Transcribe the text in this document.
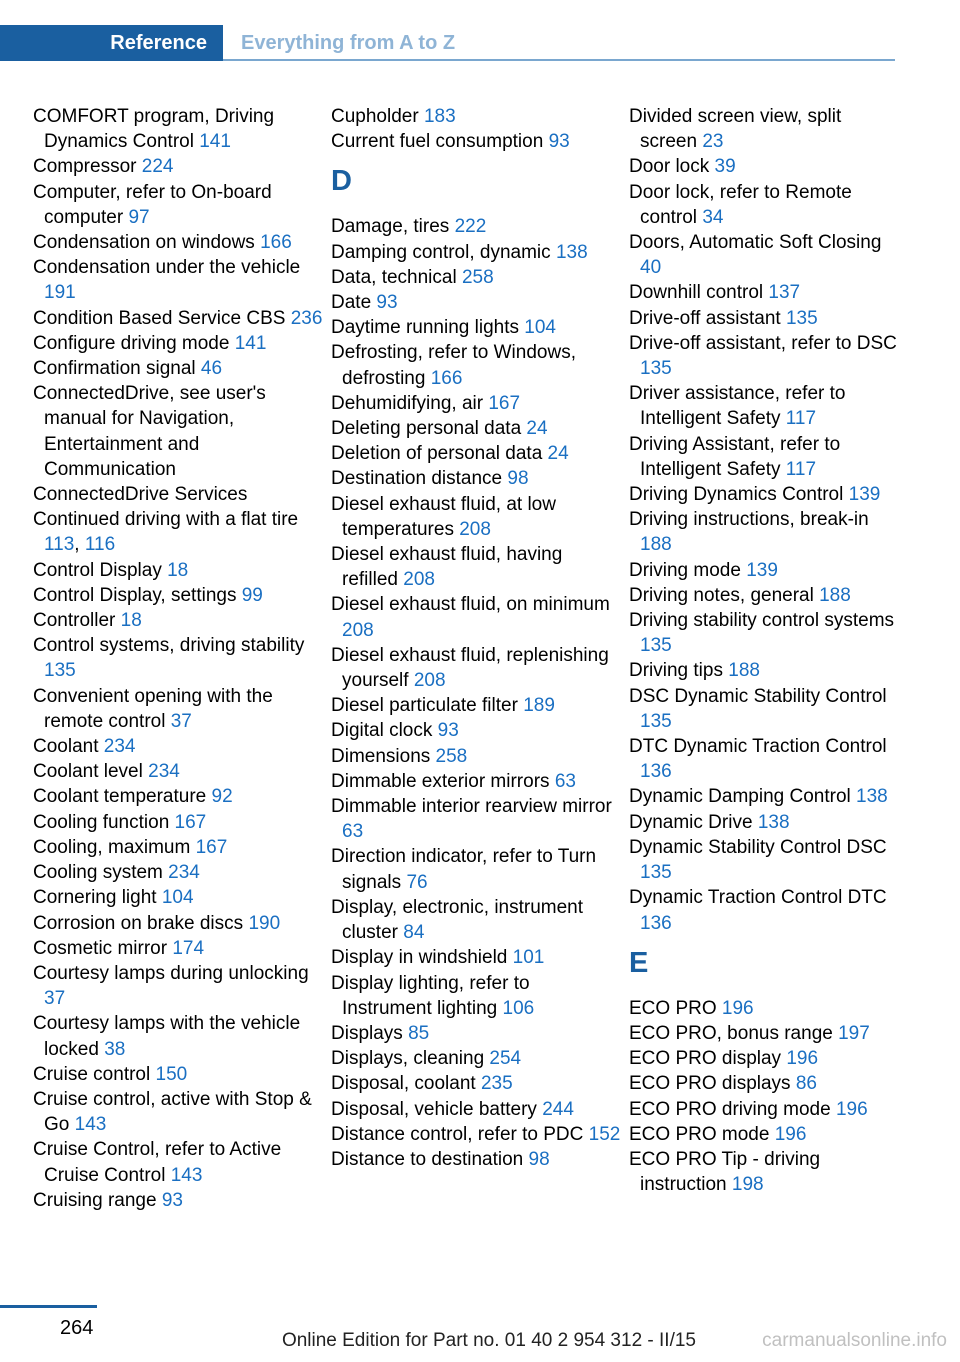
Reference	Everything from A to Z
COMFORT program, Driving Dynamics Control 141
Compressor 224
Computer, refer to On-board computer 97
Condensation on windows 166
Condensation under the vehicle 191
Condition Based Service CBS 236
Configure driving mode 141
Confirmation signal 46
ConnectedDrive, see user's manual for Navigation, Entertainment and Communication
ConnectedDrive Services
Continued driving with a flat tire 113, 116
Control Display 18
Control Display, settings 99
Controller 18
Control systems, driving stability 135
Convenient opening with the remote control 37
Coolant 234
Coolant level 234
Coolant temperature 92
Cooling function 167
Cooling, maximum 167
Cooling system 234
Cornering light 104
Corrosion on brake discs 190
Cosmetic mirror 174
Courtesy lamps during unlocking 37
Courtesy lamps with the vehicle locked 38
Cruise control 150
Cruise control, active with Stop & Go 143
Cruise Control, refer to Active Cruise Control 143
Cruising range 93
Cupholder 183
Current fuel consumption 93
D
Damage, tires 222
Damping control, dynamic 138
Data, technical 258
Date 93
Daytime running lights 104
Defrosting, refer to Windows, defrosting 166
Dehumidifying, air 167
Deleting personal data 24
Deletion of personal data 24
Destination distance 98
Diesel exhaust fluid, at low temperatures 208
Diesel exhaust fluid, having refilled 208
Diesel exhaust fluid, on minimum 208
Diesel exhaust fluid, replenishing yourself 208
Diesel particulate filter 189
Digital clock 93
Dimensions 258
Dimmable exterior mirrors 63
Dimmable interior rearview mirror 63
Direction indicator, refer to Turn signals 76
Display, electronic, instrument cluster 84
Display in windshield 101
Display lighting, refer to Instrument lighting 106
Displays 85
Displays, cleaning 254
Disposal, coolant 235
Disposal, vehicle battery 244
Distance control, refer to PDC 152
Distance to destination 98
Divided screen view, split screen 23
Door lock 39
Door lock, refer to Remote control 34
Doors, Automatic Soft Closing 40
Downhill control 137
Drive-off assistant 135
Drive-off assistant, refer to DSC 135
Driver assistance, refer to Intelligent Safety 117
Driving Assistant, refer to Intelligent Safety 117
Driving Dynamics Control 139
Driving instructions, break-in 188
Driving mode 139
Driving notes, general 188
Driving stability control systems 135
Driving tips 188
DSC Dynamic Stability Control 135
DTC Dynamic Traction Control 136
Dynamic Damping Control 138
Dynamic Drive 138
Dynamic Stability Control DSC 135
Dynamic Traction Control DTC 136
E
ECO PRO 196
ECO PRO, bonus range 197
ECO PRO display 196
ECO PRO displays 86
ECO PRO driving mode 196
ECO PRO mode 196
ECO PRO Tip - driving instruction 198
264
Online Edition for Part no. 01 40 2 954 312 - II/15	carmanualsonline.info
